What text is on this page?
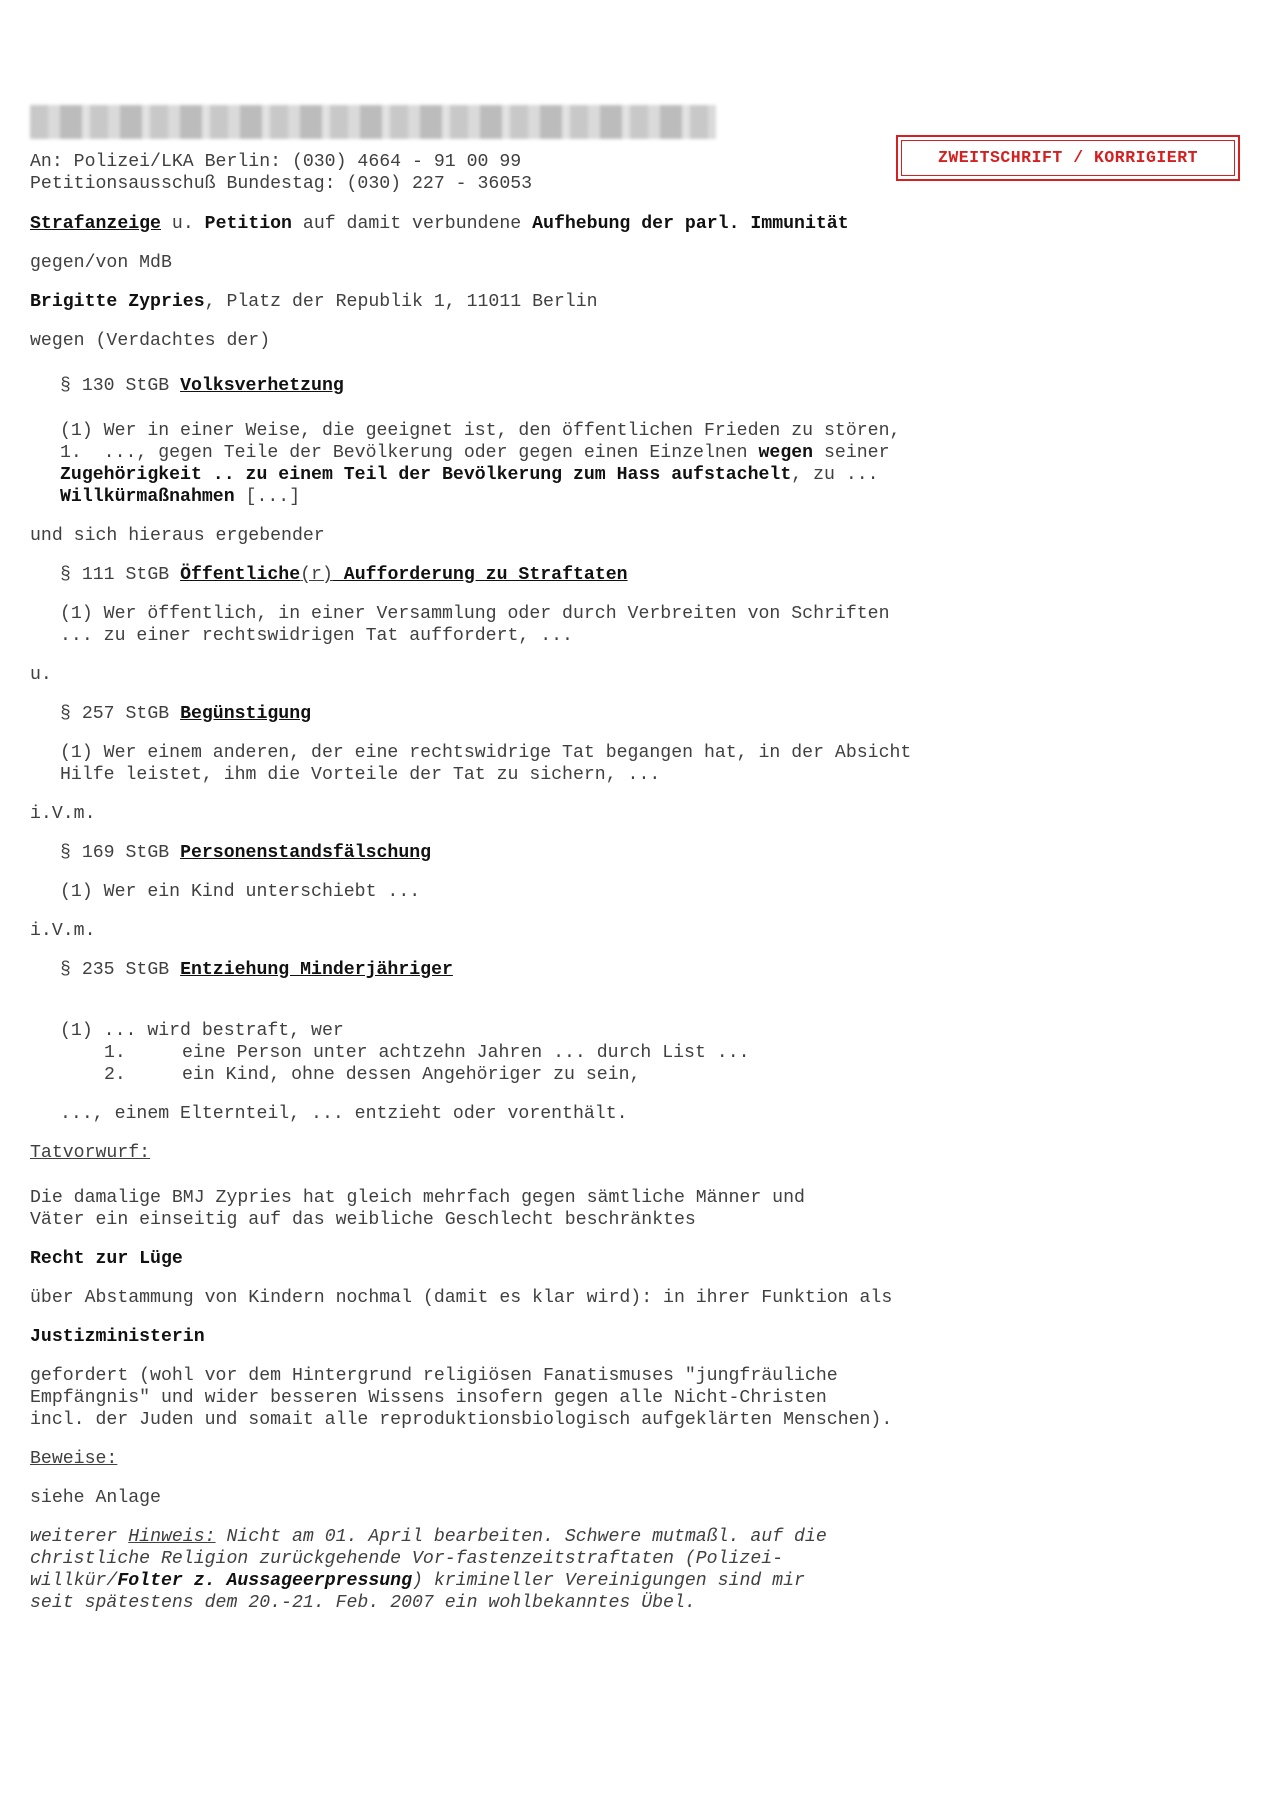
ZWEITSCHRIFT / KORRIGIERT
An: Polizei/LKA Berlin: (030) 4664 - 91 00 99
Petitionsausschuß Bundestag: (030) 227 - 36053
Strafanzeige u. Petition auf damit verbundene Aufhebung der parl. Immunität
gegen/von MdB
Brigitte Zypries, Platz der Republik 1, 11011 Berlin
wegen (Verdachtes der)
§ 130 StGB Volksverhetzung
(1) Wer in einer Weise, die geeignet ist, den öffentlichen Frieden zu stören,
1.  ..., gegen Teile der Bevölkerung oder gegen einen Einzelnen wegen seiner
Zugehörigkeit .. zu einem Teil der Bevölkerung zum Hass aufstachelt, zu ...
Willkürmaßnahmen [...]
und sich hieraus ergebender
§ 111 StGB Öffentliche(r) Aufforderung zu Straftaten
(1) Wer öffentlich, in einer Versammlung oder durch Verbreiten von Schriften
... zu einer rechtswidrigen Tat auffordert, ...
u.
§ 257 StGB Begünstigung
(1) Wer einem anderen, der eine rechtswidrige Tat begangen hat, in der Absicht
Hilfe leistet, ihm die Vorteile der Tat zu sichern, ...
i.V.m.
§ 169 StGB Personenstandsfälschung
(1) Wer ein Kind unterschiebt ...
i.V.m.
§ 235 StGB Entziehung Minderjähriger
(1) ... wird bestraft, wer
1.	eine Person unter achtzehn Jahren ... durch List ...
2.	ein Kind, ohne dessen Angehöriger zu sein,
..., einem Elternteil, ... entzieht oder vorenthält.
Tatvorwurf:
Die damalige BMJ Zypries hat gleich mehrfach gegen sämtliche Männer und
Väter ein einseitig auf das weibliche Geschlecht beschränktes
Recht zur Lüge
über Abstammung von Kindern nochmal (damit es klar wird): in ihrer Funktion als
Justizministerin
gefordert (wohl vor dem Hintergrund religiösen Fanatismuses "jungfräuliche
Empfängnis" und wider besseren Wissens insofern gegen alle Nicht-Christen
incl. der Juden und somait alle reproduktionsbiologisch aufgeklärten Menschen).
Beweise:
siehe Anlage
weiterer Hinweis: Nicht am 01. April bearbeiten. Schwere mutmaßl. auf die
christliche Religion zurückgehende Vor-fastenzeitstraftaten (Polizei-
willkür/Folter z. Aussageerpressung) krimineller Vereinigungen sind mir
seit spätestens dem 20.-21. Feb. 2007 ein wohlbekanntes Übel.
